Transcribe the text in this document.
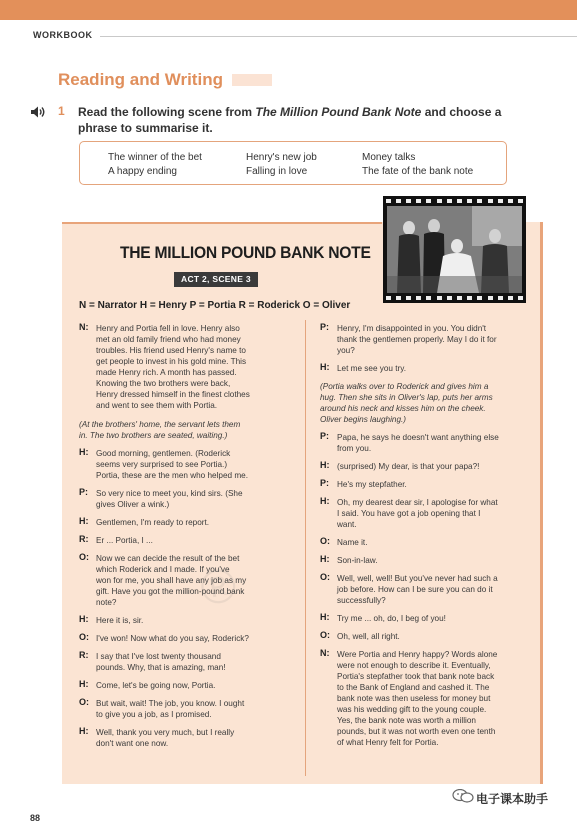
WORKBOOK
Reading and Writing
1 Read the following scene from The Million Pound Bank Note and choose a phrase to summarise it.
The winner of the bet	Henry's new job	Money talks
A happy ending	Falling in love	The fate of the bank note
THE MILLION POUND BANK NOTE
ACT 2, SCENE 3
N = Narrator H = Henry P = Portia R = Roderick O = Oliver
N: Henry and Portia fell in love. Henry also
met an old family friend who had money
troubles. His friend used Henry's name to
get people to invest in his gold mine. This
made Henry rich. A month has passed.
Knowing the two brothers were back,
Henry dressed himself in the finest clothes
and went to see them with Portia.
(At the brothers' home, the servant lets them
in. The two brothers are seated, waiting.)
H: Good morning, gentlemen. (Roderick
seems very surprised to see Portia.)
Portia, these are the men who helped me.
P: So very nice to meet you, kind sirs. (She
gives Oliver a wink.)
H: Gentlemen, I'm ready to report.
R: Er ... Portia, I ...
O: Now we can decide the result of the bet
which Roderick and I made. If you've
won for me, you shall have any job as my
gift. Have you got the million-pound bank
note?
H: Here it is, sir.
O: I've won! Now what do you say, Roderick?
R: I say that I've lost twenty thousand
pounds. Why, that is amazing, man!
H: Come, let's be going now, Portia.
O: But wait, wait! The job, you know. I ought
to give you a job, as I promised.
H: Well, thank you very much, but I really
don't want one now.
P: Henry, I'm disappointed in you. You didn't
thank the gentlemen properly. May I do it for
you?
H: Let me see you try.
(Portia walks over to Roderick and gives him a
hug. Then she sits in Oliver's lap, puts her arms
around his neck and kisses him on the cheek.
Oliver begins laughing.)
P: Papa, he says he doesn't want anything else
from you.
H: (surprised) My dear, is that your papa?!
P: He's my stepfather.
H: Oh, my dearest dear sir, I apologise for what
I said. You have got a job opening that I
want.
O: Name it.
H: Son-in-law.
O: Well, well, well! But you've never had such a
job before. How can I be sure you can do it
successfully?
H: Try me ... oh, do, I beg of you!
O: Oh, well, all right.
N: Were Portia and Henry happy? Words alone
were not enough to describe it. Eventually,
Portia's stepfather took that bank note back
to the Bank of England and cashed it. The
bank note was then useless for money but
was his wedding gift to the young couple.
Yes, the bank note was worth a million
pounds, but it was not worth even one tenth
of what Henry felt for Portia.
®
88
电子课本助手
